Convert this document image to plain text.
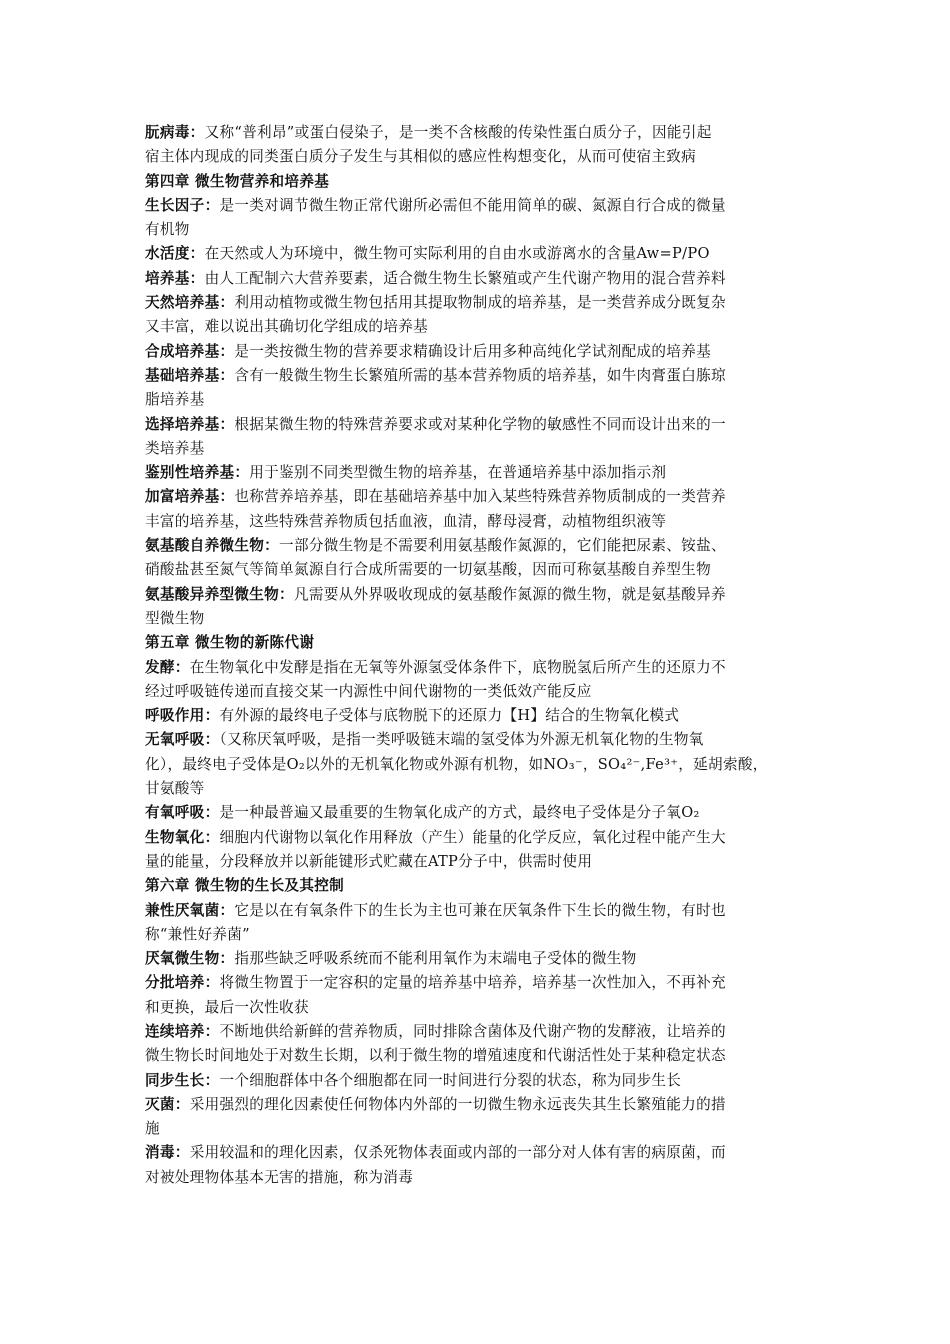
朊病毒：又称“普利昂”或蛋白侵染子，是一类不含核酸的传染性蛋白质分子，因能引起
宿主体内现成的同类蛋白质分子发生与其相似的感应性构想变化，从而可使宿主致病
第四章 微生物营养和培养基
生长因子：是一类对调节微生物正常代谢所必需但不能用简单的碳、氮源自行合成的微量
有机物
水活度：在天然或人为环境中，微生物可实际利用的自由水或游离水的含量Aw=P/PO
培养基：由人工配制六大营养要素，适合微生物生长繁殖或产生代谢产物用的混合营养料
天然培养基：利用动植物或微生物包括用其提取物制成的培养基，是一类营养成分既复杂
又丰富，难以说出其确切化学组成的培养基
合成培养基：是一类按微生物的营养要求精确设计后用多种高纯化学试剂配成的培养基
基础培养基：含有一般微生物生长繁殖所需的基本营养物质的培养基，如牛肉膏蛋白胨琼
脂培养基
选择培养基：根据某微生物的特殊营养要求或对某种化学物的敏感性不同而设计出来的一
类培养基
鉴别性培养基：用于鉴别不同类型微生物的培养基，在普通培养基中添加指示剂
加富培养基：也称营养培养基，即在基础培养基中加入某些特殊营养物质制成的一类营养
丰富的培养基，这些特殊营养物质包括血液，血清，酵母浸膏，动植物组织液等
氨基酸自养微生物：一部分微生物是不需要利用氨基酸作氮源的，它们能把尿素、铵盐、
硝酸盐甚至氮气等简单氮源自行合成所需要的一切氨基酸，因而可称氨基酸自养型生物
氨基酸异养型微生物：凡需要从外界吸收现成的氨基酸作氮源的微生物，就是氨基酸异养
型微生物
第五章 微生物的新陈代谢
发酵：在生物氧化中发酵是指在无氧等外源氢受体条件下，底物脱氢后所产生的还原力不
经过呼吸链传递而直接交某一内源性中间代谢物的一类低效产能反应
呼吸作用：有外源的最终电子受体与底物脱下的还原力【H】结合的生物氧化模式
无氧呼吸：（又称厌氧呼吸，是指一类呼吸链末端的氢受体为外源无机氧化物的生物氧
化），最终电子受体是O₂以外的无机氧化物或外源有机物，如NO₃⁻，SO₄²⁻,Fe³⁺，延胡索酸，
甘氨酸等
有氧呼吸：是一种最普遍又最重要的生物氧化成产的方式，最终电子受体是分子氧O₂
生物氧化：细胞内代谢物以氧化作用释放（产生）能量的化学反应，氧化过程中能产生大
量的能量，分段释放并以新能键形式贮藏在ATP分子中，供需时使用
第六章 微生物的生长及其控制
兼性厌氧菌：它是以在有氧条件下的生长为主也可兼在厌氧条件下生长的微生物，有时也
称“兼性好养菌”
厌氧微生物：指那些缺乏呼吸系统而不能利用氧作为末端电子受体的微生物
分批培养：将微生物置于一定容积的定量的培养基中培养，培养基一次性加入，不再补充
和更换，最后一次性收获
连续培养：不断地供给新鲜的营养物质，同时排除含菌体及代谢产物的发酵液，让培养的
微生物长时间地处于对数生长期，以利于微生物的增殖速度和代谢活性处于某种稳定状态
同步生长：一个细胞群体中各个细胞都在同一时间进行分裂的状态，称为同步生长
灭菌：采用强烈的理化因素使任何物体内外部的一切微生物永远丧失其生长繁殖能力的措
施
消毒：采用较温和的理化因素，仅杀死物体表面或内部的一部分对人体有害的病原菌，而
对被处理物体基本无害的措施，称为消毒
